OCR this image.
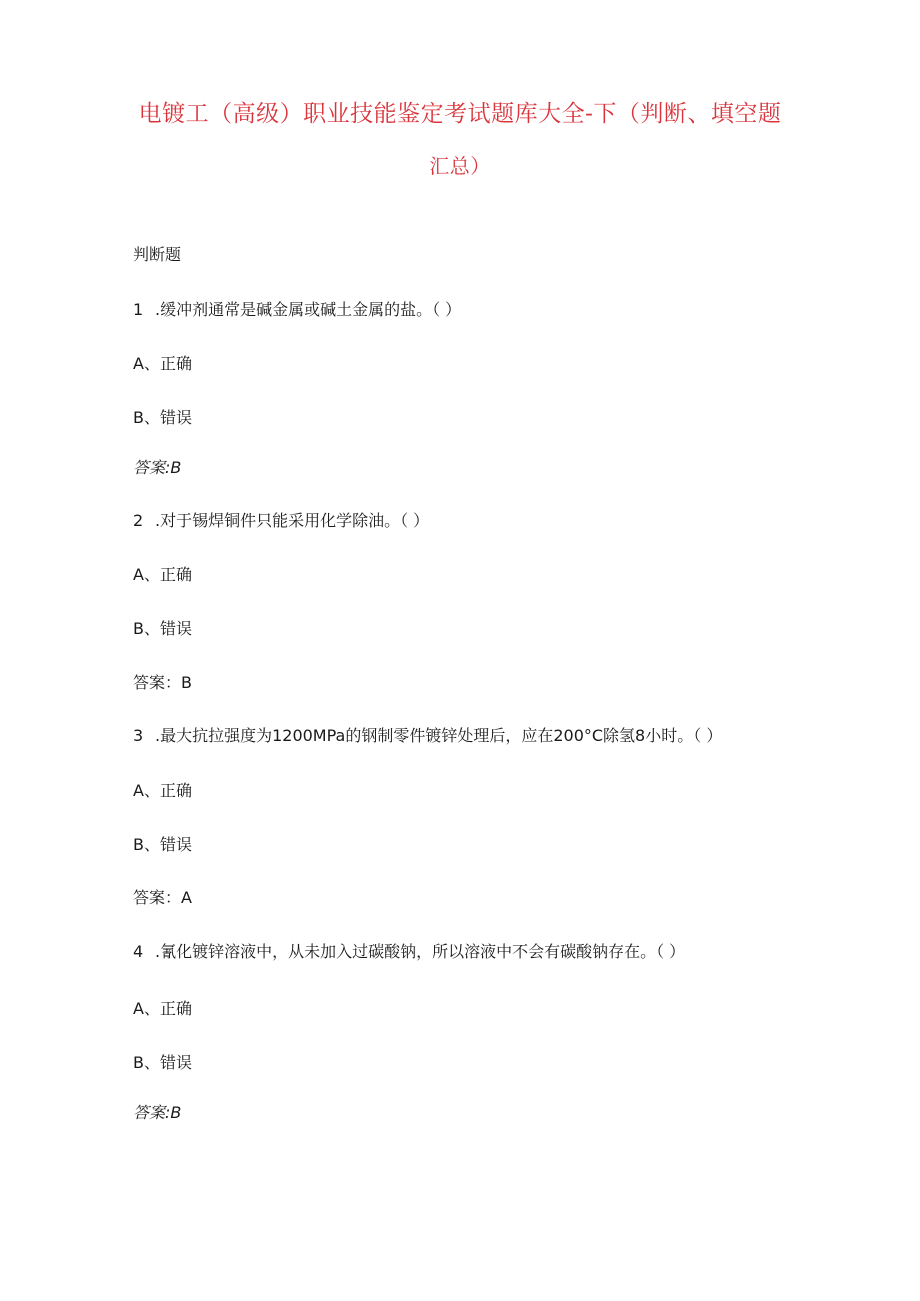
电镀工（高级）职业技能鉴定考试题库大全-下（判断、填空题
汇总）
判断题
1 .缓冲剂通常是碱金属或碱土金属的盐。（ ）
A、正确
B、错误
答案:B
2 .对于锡焊铜件只能采用化学除油。（ ）
A、正确
B、错误
答案：B
3 .最大抗拉强度为1200MPa的钢制零件镀锌处理后，应在200°C除氢8小时。（ ）
A、正确
B、错误
答案：A
4 .氰化镀锌溶液中，从未加入过碳酸钠，所以溶液中不会有碳酸钠存在。（ ）
A、正确
B、错误
答案:B
